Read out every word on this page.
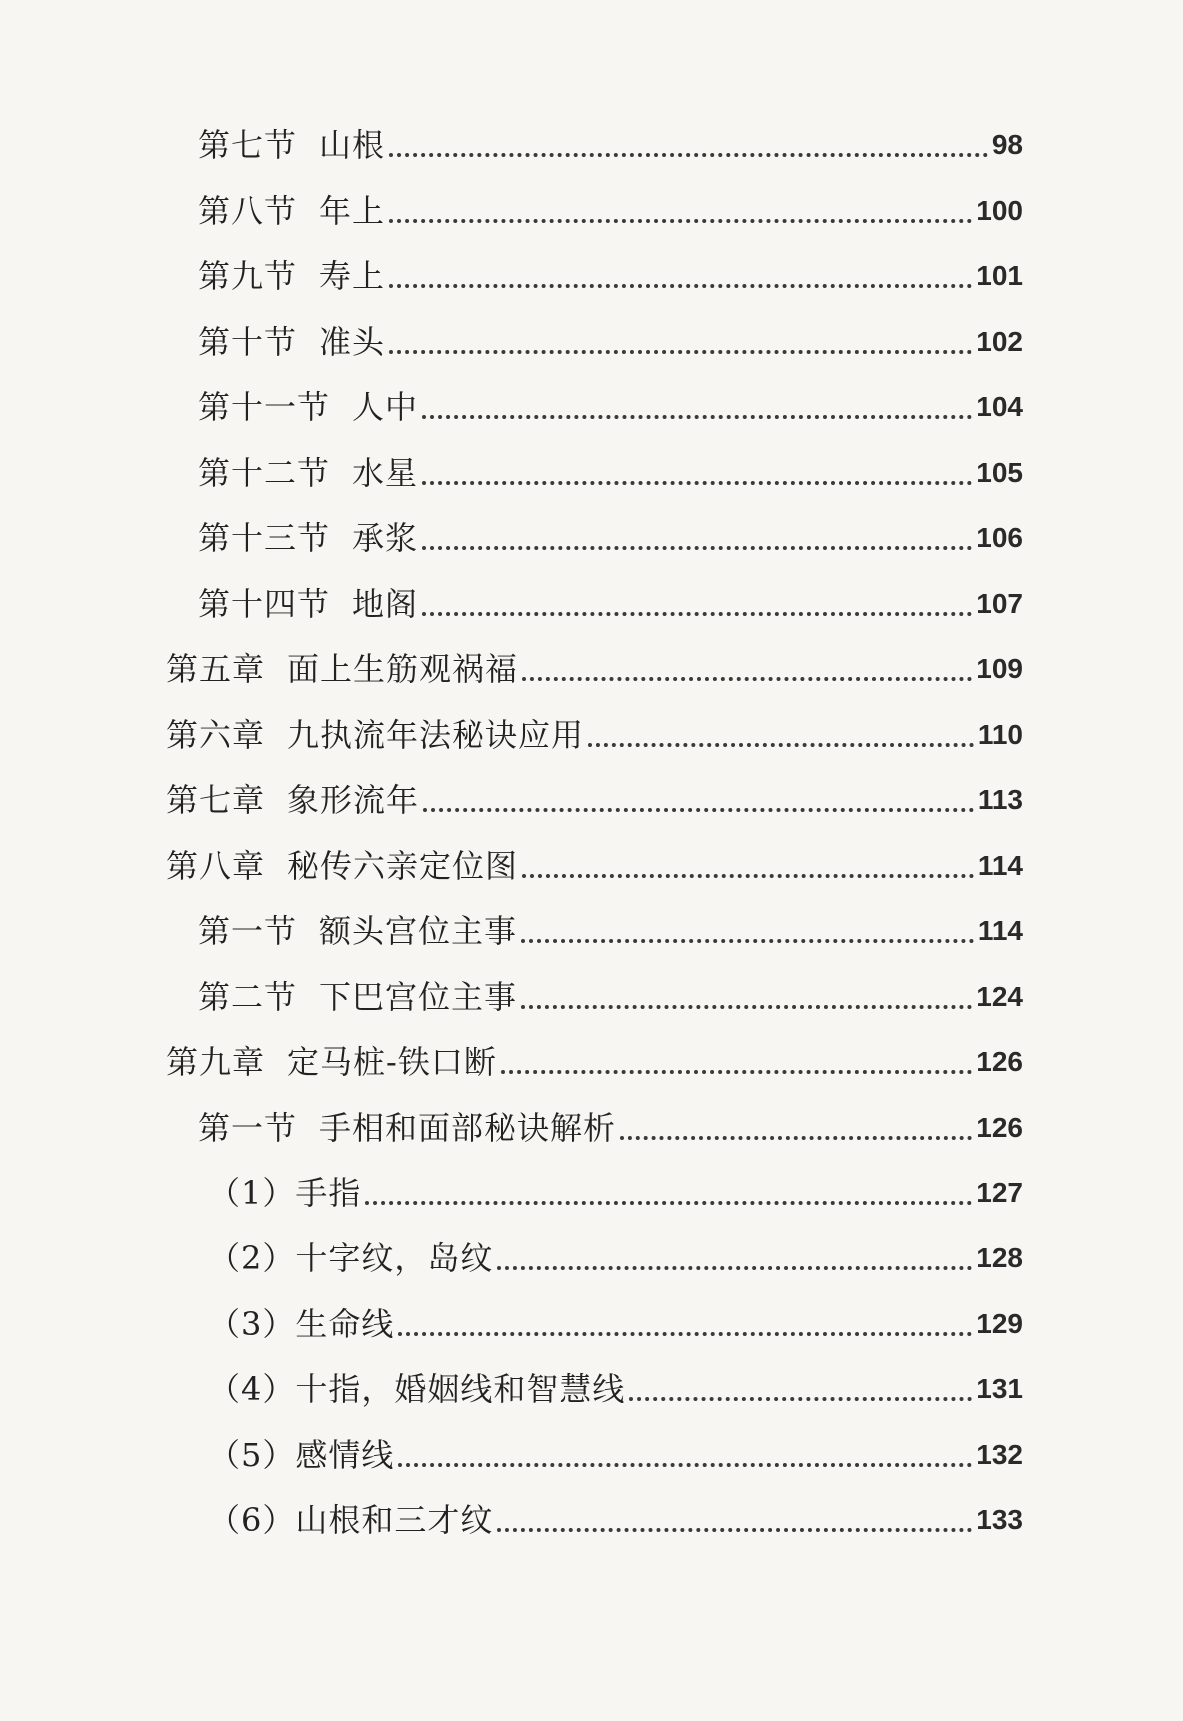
第七节 山根	98
第八节 年上	100
第九节 寿上	101
第十节 准头	102
第十一节 人中	104
第十二节 水星	105
第十三节 承浆	106
第十四节 地阁	107
第五章 面上生筋观祸福	109
第六章 九执流年法秘诀应用	110
第七章 象形流年	113
第八章 秘传六亲定位图	114
第一节 额头宫位主事	114
第二节 下巴宫位主事	124
第九章 定马桩-铁口断	126
第一节 手相和面部秘诀解析	126
（1）手指	127
（2）十字纹，岛纹	128
（3）生命线	129
（4）十指，婚姻线和智慧线	131
（5）感情线	132
（6）山根和三才纹	133
